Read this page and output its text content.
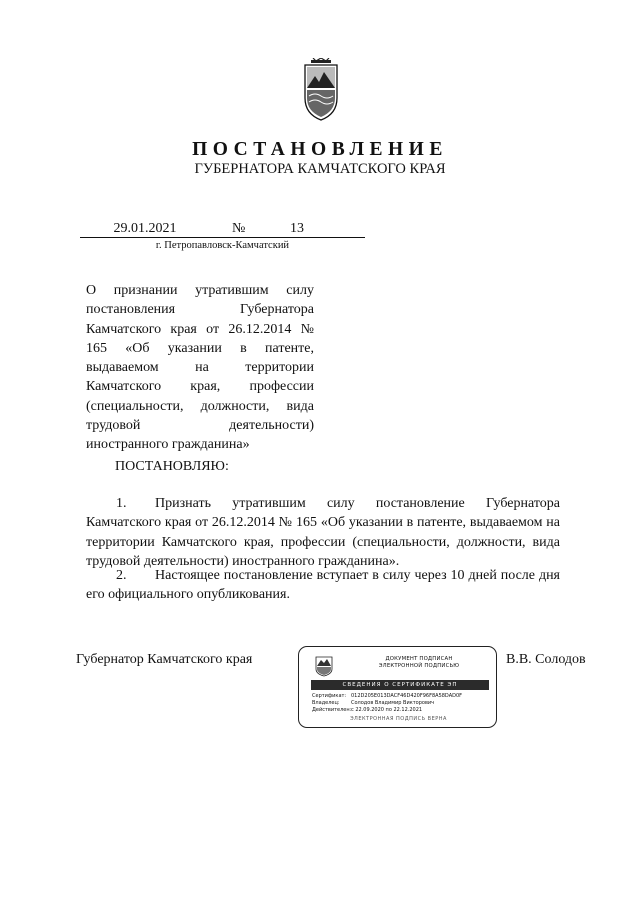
ПОСТАНОВЛЕНИЕ
ГУБЕРНАТОРА КАМЧАТСКОГО КРАЯ
29.01.2021	№	13
г. Петропавловск-Камчатский
О признании утратившим силу постановления Губернатора Камчатского края от 26.12.2014 № 165 «Об указании в патенте, выдаваемом на территории Камчатского края, профессии (специальности, должности, вида трудовой деятельности) иностранного гражданина»
ПОСТАНОВЛЯЮ:
1. Признать утратившим силу постановление Губернатора Камчатского края от 26.12.2014 № 165 «Об указании в патенте, выдаваемом на территории Камчатского края, профессии (специальности, должности, вида трудовой деятельности) иностранного гражданина».
2. Настоящее постановление вступает в силу через 10 дней после дня его официального опубликования.
Губернатор Камчатского края	В.В. Солодов
ДОКУМЕНТ ПОДПИСАН
ЭЛЕКТРОННОЙ ПОДПИСЬЮ
СВЕДЕНИЯ О СЕРТИФИКАТЕ ЭП
Сертификат: 012D205E013DACF46D420F96F8A58DAD0F
Владелец: Солодов Владимир Викторович
Действителен:с 22.09.2020 по 22.12.2021
ЭЛЕКТРОННАЯ ПОДПИСЬ ВЕРНА
